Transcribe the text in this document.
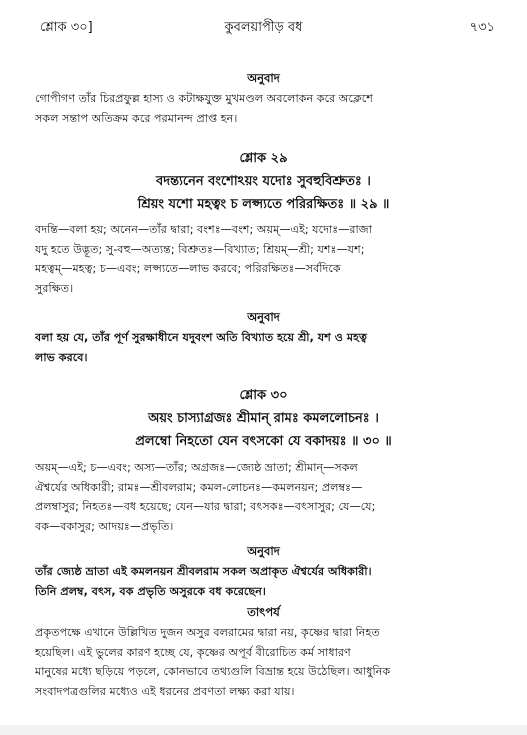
কুবলয়াপীড় বধ
শ্লোক ৩০]	৭৩১
অনুবাদ
গোপীগণ তাঁর চিরপ্রফুল্ল হাস্য ও কটাক্ষযুক্ত মুখমণ্ডল অবলোকন করে অক্লেশে
সকল সন্তাপ অতিক্রম করে পরমানন্দ প্রাপ্ত হন।
শ্লোক ২৯
বদন্ত্যনেন বংশোঽয়ং যদোঃ সুবহুবিশ্রুতঃ ।
শ্রিয়ং যশো মহত্বং চ লপ্স্যতে পরিরক্ষিতঃ ॥ ২৯ ॥
বদন্তি—বলা হয়; অনেন—তাঁর দ্বারা; বংশঃ—বংশ; অয়ম্—এই; যদোঃ—রাজা
যদু হতে উদ্ভূত; সু-বহু—অত্যন্ত; বিশ্রুতঃ—বিখ্যাত; শ্রিয়ম্—শ্রী; যশঃ—যশ;
মহত্বম্—মহত্ব; চ—এবং; লপ্স্যতে—লাভ করবে; পরিরক্ষিতঃ—সর্বদিকে
সুরক্ষিত।
অনুবাদ
বলা হয় যে, তাঁর পূর্ণ সুরক্ষাধীনে যদুবংশ অতি বিখ্যাত হয়ে শ্রী, যশ ও মহত্ব
লাভ করবে।
শ্লোক ৩০
অয়ং চাস্যাগ্রজঃ শ্রীমান্ রামঃ কমললোচনঃ ।
প্রলম্বো নিহতো যেন বৎসকো যে বকাদয়ঃ ॥ ৩০ ॥
অয়ম্—এই; চ—এবং; অস্য—তাঁর; অগ্রজঃ—জ্যেষ্ঠ ভ্রাতা; শ্রীমান্—সকল
ঐশ্বর্যের অধিকারী; রামঃ—শ্রীবলরাম; কমল-লোচনঃ—কমলনয়ন; প্রলম্বঃ—
প্রলম্বাসুর; নিহতঃ—বধ হয়েছে; যেন—যার দ্বারা; বৎসকঃ—বৎসাসুর; যে—যে;
বক—বকাসুর; আদয়ঃ—প্রভৃতি।
অনুবাদ
তাঁর জ্যেষ্ঠ ভ্রাতা এই কমলনয়ন শ্রীবলরাম সকল অপ্রাকৃত ঐশ্বর্যের অধিকারী।
তিনি প্রলম্ব, বৎস, বক প্রভৃতি অসুরকে বধ করেছেন।
তাৎপর্য
প্রকৃতপক্ষে এখানে উল্লিখিত দুজন অসুর বলরামের দ্বারা নয়, কৃষ্ণের দ্বারা নিহত
হয়েছিল। এই ভুলের কারণ হচ্ছে যে, কৃষ্ণের অপূর্ব বীরোচিত কর্ম সাধারণ
মানুষের মধ্যে ছড়িয়ে পড়লে, কোনভাবে তথ্যগুলি বিভ্রান্ত হয়ে উঠেছিল। আধুনিক
সংবাদপত্রগুলির মধ্যেও এই ধরনের প্রবণতা লক্ষ্য করা যায়।
